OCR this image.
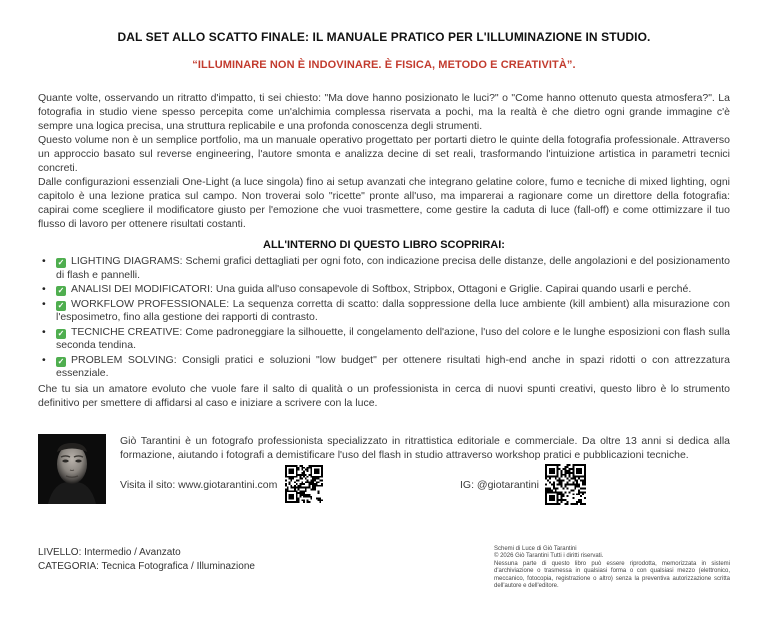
DAL SET ALLO SCATTO FINALE: IL MANUALE PRATICO PER L'ILLUMINAZIONE IN STUDIO.
“ILLUMINARE NON È INDOVINARE. È FISICA, METODO E CREATIVITÀ”.

Quante volte, osservando un ritratto d'impatto, ti sei chiesto: "Ma dove hanno posizionato le luci?" o "Come hanno ottenuto questa atmosfera?". La fotografia in studio viene spesso percepita come un'alchimia complessa riservata a pochi, ma la realtà è che dietro ogni grande immagine c'è sempre una logica precisa, una struttura replicabile e una profonda conoscenza degli strumenti.

Questo volume non è un semplice portfolio, ma un manuale operativo progettato per portarti dietro le quinte della fotografia professionale. Attraverso un approccio basato sul reverse engineering, l'autore smonta e analizza decine di set reali, trasformando l'intuizione artistica in parametri tecnici concreti.

Dalle configurazioni essenziali One-Light (a luce singola) fino ai setup avanzati che integrano gelatine colore, fumo e tecniche di mixed lighting, ogni capitolo è una lezione pratica sul campo. Non troverai solo "ricette" pronte all'uso, ma imparerai a ragionare come un direttore della fotografia: capirai come scegliere il modificatore giusto per l'emozione che vuoi trasmettere, come gestire la caduta di luce (fall-off) e come ottimizzare il tuo flusso di lavoro per ottenere risultati costanti.

ALL'INTERNO DI QUESTO LIBRO SCOPRIRAI:
•	✓ LIGHTING DIAGRAMS: Schemi grafici dettagliati per ogni foto, con indicazione precisa delle distanze, delle angolazioni e del posizionamento di flash e pannelli.
•	✓ ANALISI DEI MODIFICATORI: Una guida all'uso consapevole di Softbox, Stripbox, Ottagoni e Griglie. Capirai quando usarli e perché.
•	✓ WORKFLOW PROFESSIONALE: La sequenza corretta di scatto: dalla soppressione della luce ambiente (kill ambient) alla misurazione con l'esposimetro, fino alla gestione dei rapporti di contrasto.
•	✓ TECNICHE CREATIVE: Come padroneggiare la silhouette, il congelamento dell'azione, l'uso del colore e le lunghe esposizioni con flash sulla seconda tendina.
•	✓ PROBLEM SOLVING: Consigli pratici e soluzioni "low budget" per ottenere risultati high-end anche in spazi ridotti o con attrezzatura essenziale.

Che tu sia un amatore evoluto che vuole fare il salto di qualità o un professionista in cerca di nuovi spunti creativi, questo libro è lo strumento definitivo per smettere di affidarsi al caso e iniziare a scrivere con la luce.

Giò Tarantini è un fotografo professionista specializzato in ritrattistica editoriale e commerciale. Da oltre 13 anni si dedica alla formazione, aiutando i fotografi a demistificare l'uso del flash in studio attraverso workshop pratici e pubblicazioni tecniche.

Visita il sito: www.giotarantini.com	IG: @giotarantini
LIVELLO: Intermedio / Avanzato
CATEGORIA: Tecnica Fotografica / Illuminazione
Schemi di Luce di Giò Tarantini
© 2026 Giò Tarantini Tutti i diritti riservati.
Nessuna parte di questo libro può essere riprodotta, memorizzata in sistemi d'archiviazione o trasmessa in qualsiasi forma o con qualsiasi mezzo (elettronico, meccanico, fotocopia, registrazione o altro) senza la preventiva autorizzazione scritta dell'autore e dell'editore.
